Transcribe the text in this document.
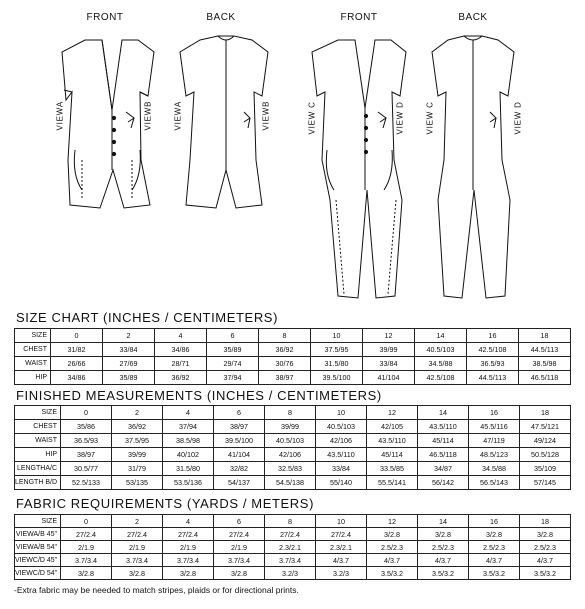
FRONT	BACK	FRONT	BACK
VIEWA	VIEWB	VIEWA	VIEWB	VIEW C	VIEW D	VIEW C	VIEW D
SIZE CHART (INCHES / CENTIMETERS)
SIZE	0	2	4	6	8	10	12	14	16	18
CHEST	31/82	33/84	34/86	35/89	36/92	37.5/95	39/99	40.5/103	42.5/108	44.5/113
WAIST	26/66	27/69	28/71	29/74	30/76	31.5/80	33/84	34.5/88	36.5/93	38.5/98
HIP	34/86	35/89	36/92	37/94	38/97	39.5/100	41/104	42.5/108	44.5/113	46.5/118
FINISHED MEASUREMENTS (INCHES / CENTIMETERS)
SIZE	0	2	4	6	8	10	12	14	16	18
CHEST	35/86	36/92	37/94	38/97	39/99	40.5/103	42/105	43.5/110	45.5/116	47.5/121
WAIST	36.5/93	37.5/95	38.5/98	39.5/100	40.5/103	42/106	43.5/110	45/114	47/119	49/124
HIP	38/97	39/99	40/102	41/104	42/106	43.5/110	45/114	46.5/118	48.5/123	50.5/128
LENGTHA/C	30.5/77	31/79	31.5/80	32/82	32.5/83	33/84	33.5/85	34/87	34.5/88	35/109
LENGTH B/D	52.5/133	53/135	53.5/136	54/137	54.5/138	55/140	55.5/141	56/142	56.5/143	57/145
FABRIC REQUIREMENTS (YARDS / METERS)
SIZE	0	2	4	6	8	10	12	14	16	18
VIEWA/B 45"	27/2.4	27/2.4	27/2.4	27/2.4	27/2.4	27/2.4	3/2.8	3/2.8	3/2.8	3/2.8
VIEWA/B 54"	2/1.9	2/1.9	2/1.9	2/1.9	2.3/2.1	2.3/2.1	2.5/2.3	2.5/2.3	2.5/2.3	2.5/2.3
VIEWC/D 45"	3.7/3.4	3.7/3.4	3.7/3.4	3.7/3.4	3.7/3.4	4/3.7	4/3.7	4/3.7	4/3.7	4/3.7
VIEWC/D 54"	3/2.8	3/2.8	3/2.8	3/2.8	3.2/3	3.2/3	3.5/3.2	3.5/3.2	3.5/3.2	3.5/3.2
-Extra fabric may be needed to match stripes, plaids or for directional prints.
